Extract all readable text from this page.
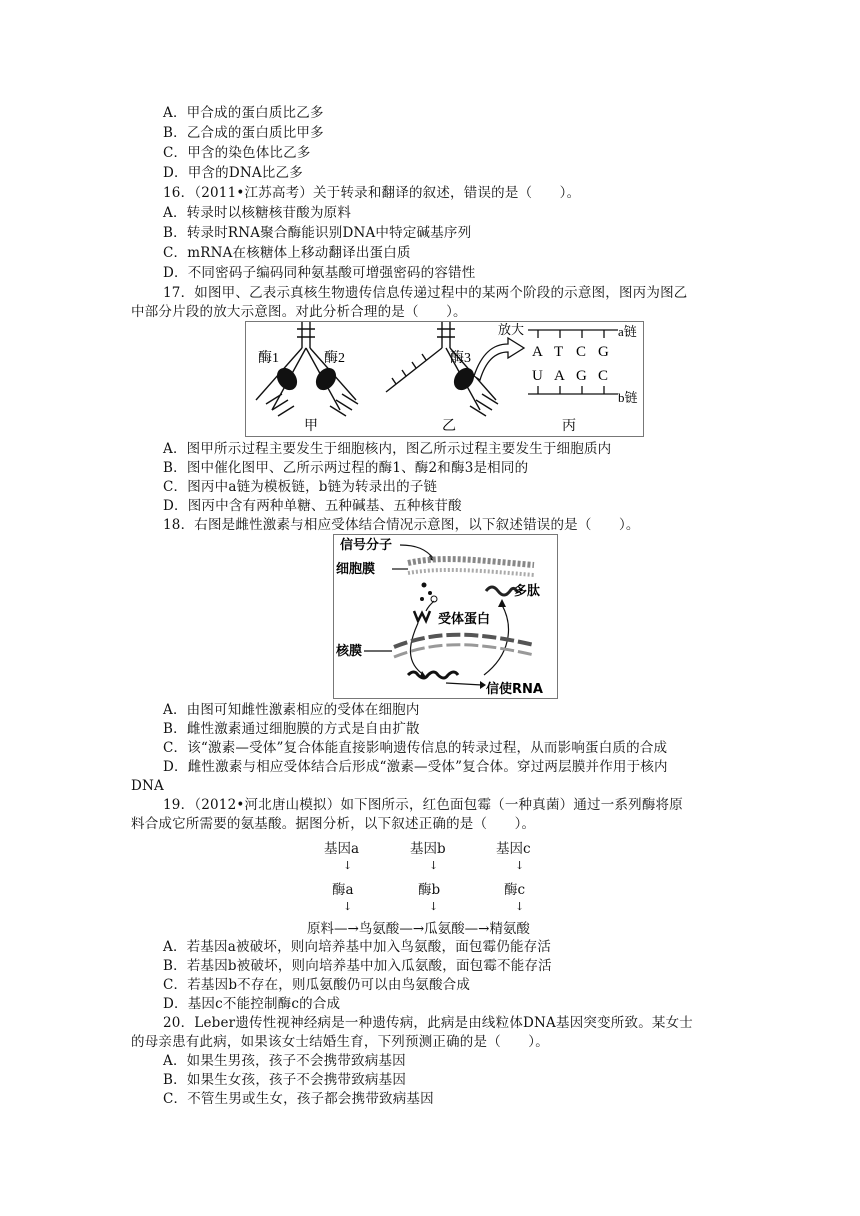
A．甲合成的蛋白质比乙多
B．乙合成的蛋白质比甲多
C．甲含的染色体比乙多
D．甲含的DNA比乙多
16．（2011•江苏高考）关于转录和翻译的叙述，错误的是（　　）。
A．转录时以核糖核苷酸为原料
B．转录时RNA聚合酶能识别DNA中特定碱基序列
C．mRNA在核糖体上移动翻译出蛋白质
D．不同密码子编码同种氨基酸可增强密码的容错性
17．如图甲、乙表示真核生物遗传信息传递过程中的某两个阶段的示意图，图丙为图乙
中部分片段的放大示意图。对此分析合理的是（　　）。
酶1	酶2
甲
酶3
乙
放大
A T C G
U A G C
a链
b链
丙
A．图甲所示过程主要发生于细胞核内，图乙所示过程主要发生于细胞质内
B．图中催化图甲、乙所示两过程的酶1、酶2和酶3是相同的
C．图丙中a链为模板链，b链为转录出的子链
D．图丙中含有两种单糖、五种碱基、五种核苷酸
18．右图是雌性激素与相应受体结合情况示意图，以下叙述错误的是（　　）。
信号分子
细胞膜
多肽
受体蛋白
核膜
信使RNA
A．由图可知雌性激素相应的受体在细胞内
B．雌性激素通过细胞膜的方式是自由扩散
C．该“激素—受体”复合体能直接影响遗传信息的转录过程，从而影响蛋白质的合成
D．雌性激素与相应受体结合后形成“激素—受体”复合体。穿过两层膜并作用于核内
DNA
19．（2012•河北唐山模拟）如下图所示，红色面包霉（一种真菌）通过一系列酶将原
料合成它所需要的氨基酸。据图分析，以下叙述正确的是（　　）。
基因a	基因b	基因c
↓	↓	↓
酶a	酶b	酶c
↓	↓	↓
原料—→鸟氨酸—→瓜氨酸—→精氨酸
A．若基因a被破坏，则向培养基中加入鸟氨酸，面包霉仍能存活
B．若基因b被破坏，则向培养基中加入瓜氨酸，面包霉不能存活
C．若基因b不存在，则瓜氨酸仍可以由鸟氨酸合成
D．基因c不能控制酶c的合成
20．Leber遗传性视神经病是一种遗传病，此病是由线粒体DNA基因突变所致。某女士
的母亲患有此病，如果该女士结婚生育，下列预测正确的是（　　）。
A．如果生男孩，孩子不会携带致病基因
B．如果生女孩，孩子不会携带致病基因
C．不管生男或生女，孩子都会携带致病基因
